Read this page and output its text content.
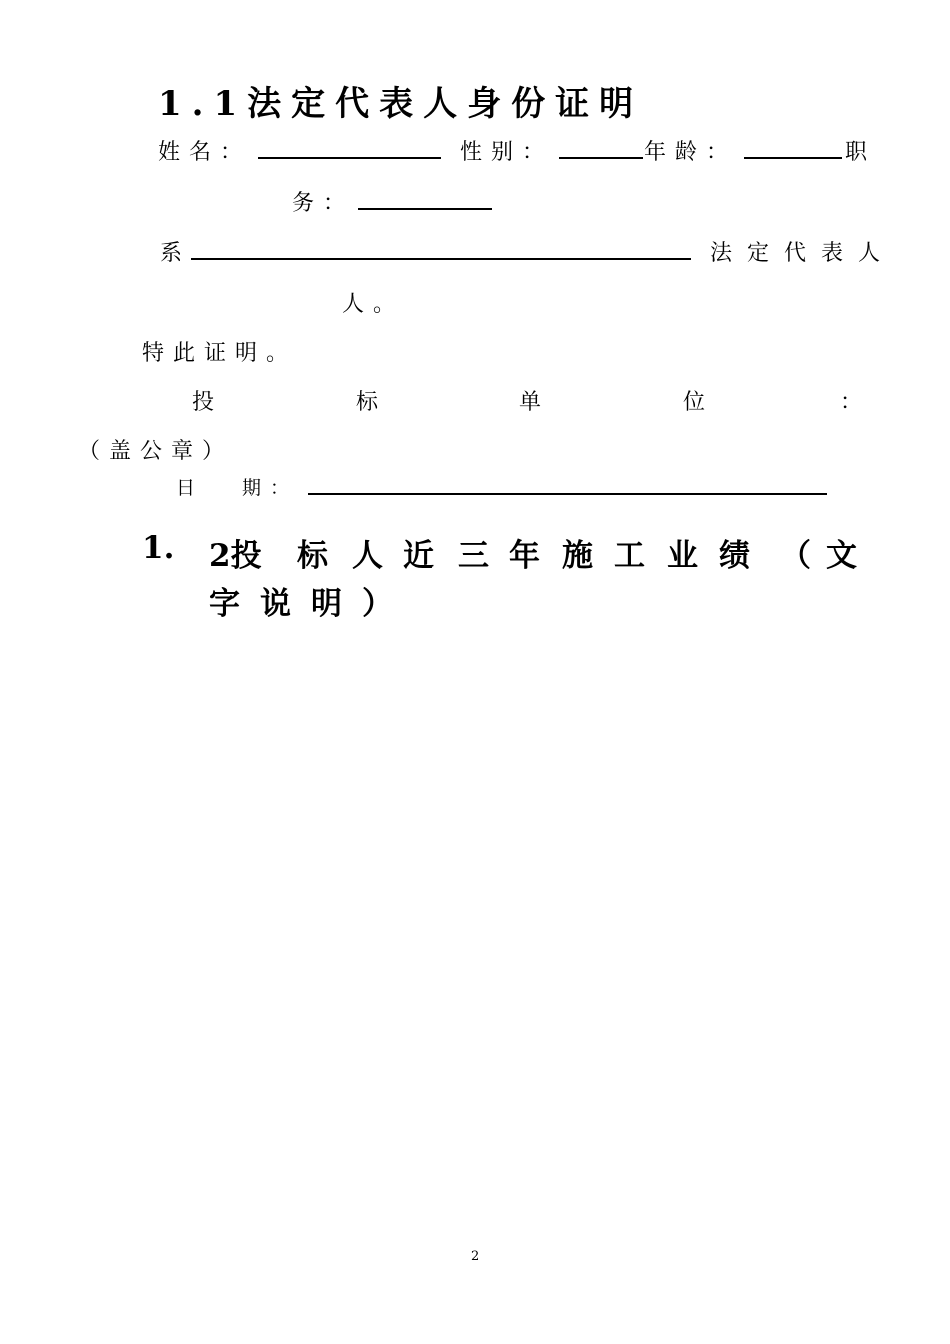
1.1法定代表人身份证明
姓名：	性别：	年龄：	职
务：
系	法定代表人
人。
特此证明。
投	标	单	位	：
（盖公章）
日 期：
1. 2投 标 人 近 三 年 施 工 业 绩 （ 文
字说明）
2
